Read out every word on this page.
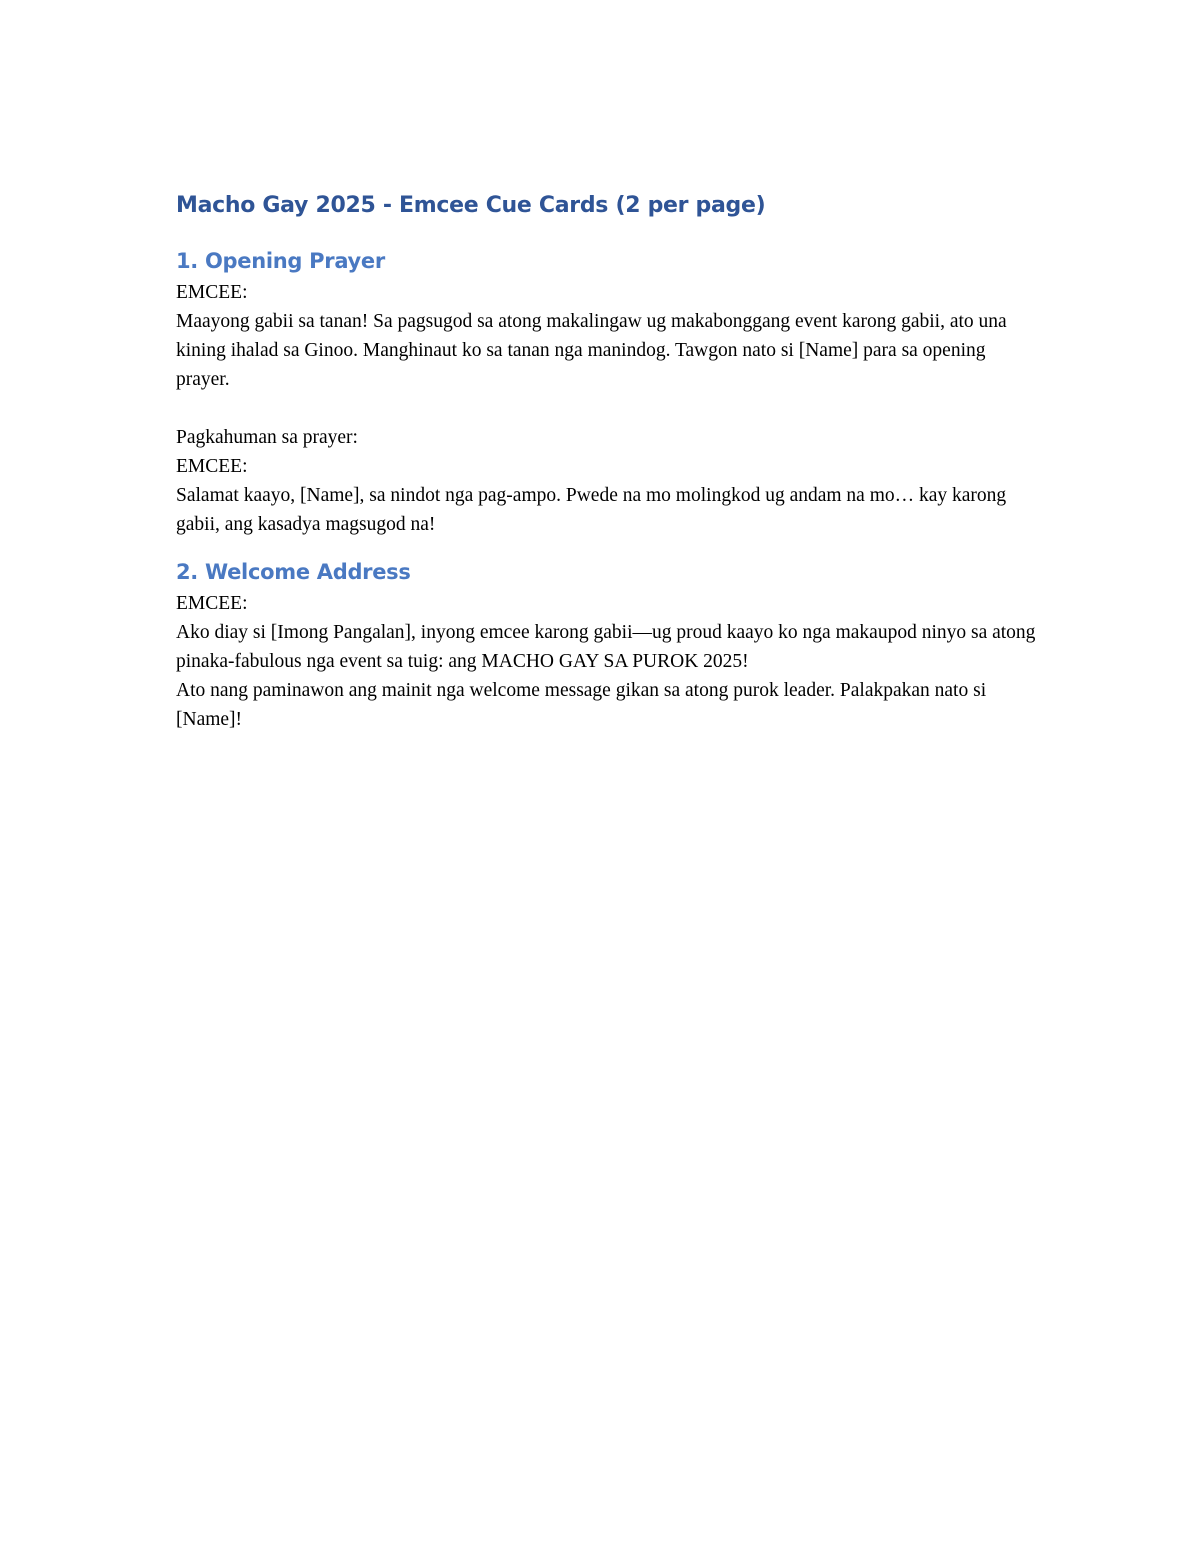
Macho Gay 2025 - Emcee Cue Cards (2 per page)
1. Opening Prayer

EMCEE:

Maayong gabii sa tanan! Sa pagsugod sa atong makalingaw ug makabonggang event karong gabii, ato una kining ihalad sa Ginoo. Manghinaut ko sa tanan nga manindog. Tawgon nato si [Name] para sa opening prayer.

Pagkahuman sa prayer:

EMCEE:

Salamat kaayo, [Name], sa nindot nga pag-ampo. Pwede na mo molingkod ug andam na mo… kay karong gabii, ang kasadya magsugod na!

2. Welcome Address

EMCEE:

Ako diay si [Imong Pangalan], inyong emcee karong gabii—ug proud kaayo ko nga makaupod ninyo sa atong pinaka-fabulous nga event sa tuig: ang MACHO GAY SA PUROK 2025!

Ato nang paminawon ang mainit nga welcome message gikan sa atong purok leader. Palakpakan nato si [Name]!
